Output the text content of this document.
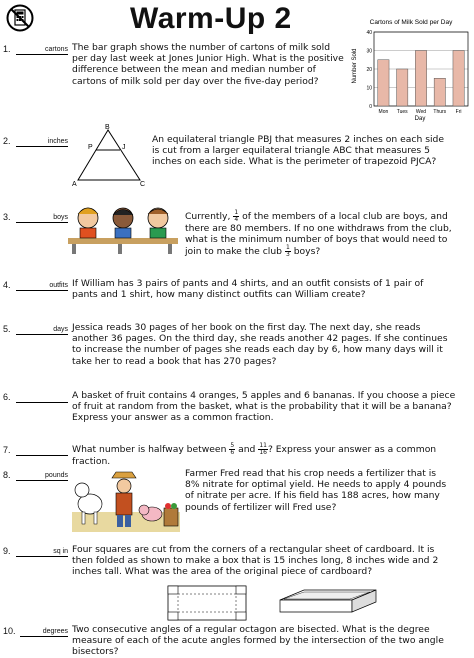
Warm-Up 2	Cartons of Milk Sold per Day
Mon Tues Wed Thurs Fri
0
10
20
30
40
Number Sold
Day
1.	cartons The bar graph shows the number of cartons of milk sold per day last week at Jones Junior High. What is the positive difference between the mean and median number of cartons of milk sold per day over the five-day period?
2.	inches
B
P	J
A	C
An equilateral triangle PBJ that measures 2 inches on each side is cut from a larger equilateral triangle ABC that measures 5 inches on each side. What is the perimeter of trapezoid PJCA?
3.	boys	Currently, $\frac{1}{4}$ of the members of a local club are boys, and there are 80 members. If no one withdraws from the club, what is the minimum number of boys that would need to join to make the club $\frac{1}{3}$ boys?
4.	outfits If William has 3 pairs of pants and 4 shirts, and an outfit consists of 1 pair of pants and 1 shirt, how many distinct outfits can William create?
5.	days Jessica reads 30 pages of her book on the first day. The next day, she reads another 36 pages. On the third day, she reads another 42 pages. If she continues to increase the number of pages she reads each day by 6, how many days will it take her to read a book that has 270 pages?
6.	A basket of fruit contains 4 oranges, 5 apples and 6 bananas. If you choose a piece of fruit at random from the basket, what is the probability that it will be a banana? Express your answer as a common fraction.
7.	What number is halfway between $\frac{5}{6}$ and $\frac{11}{16}$ ? Express your answer as a common fraction.
8.	pounds	Farmer Fred read that his crop needs a fertilizer that is 8% nitrate for optimal yield. He needs to apply 4 pounds of nitrate per acre. If his field has 188 acres, how many pounds of fertilizer will Fred use?
9.	sq in Four squares are cut from the corners of a rectangular sheet of cardboard. It is then folded as shown to make a box that is 15 inches long, 8 inches wide and 2 inches tall. What was the area of the original piece of cardboard?
10.	degrees Two consecutive angles of a regular octagon are bisected. What is the degree measure of each of the acute angles formed by the intersection of the two angle bisectors?
